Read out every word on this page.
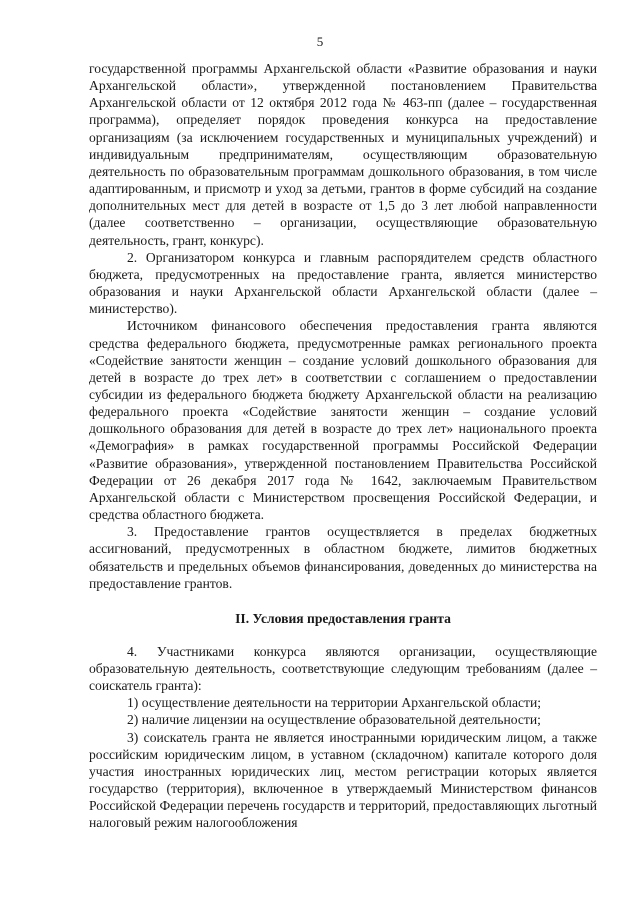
5

государственной программы Архангельской области «Развитие образования и науки Архангельской области», утвержденной постановлением Правительства Архангельской области от 12 октября 2012 года № 463-пп (далее – государственная программа), определяет порядок проведения конкурса на предоставление организациям (за исключением государственных и муниципальных учреждений) и индивидуальным предпринимателям, осуществляющим образовательную деятельность по образовательным программам дошкольного образования, в том числе адаптированным, и присмотр и уход за детьми, грантов в форме субсидий на создание дополнительных мест для детей в возрасте от 1,5 до 3 лет любой направленности (далее соответственно – организации, осуществляющие образовательную деятельность, грант, конкурс).

2. Организатором конкурса и главным распорядителем средств областного бюджета, предусмотренных на предоставление гранта, является министерство образования и науки Архангельской области Архангельской области (далее – министерство).

Источником финансового обеспечения предоставления гранта являются средства федерального бюджета, предусмотренные рамках регионального проекта «Содействие занятости женщин – создание условий дошкольного образования для детей в возрасте до трех лет» в соответствии с соглашением о предоставлении субсидии из федерального бюджета бюджету Архангельской области на реализацию федерального проекта «Содействие занятости женщин – создание условий дошкольного образования для детей в возрасте до трех лет» национального проекта «Демография» в рамках государственной программы Российской Федерации «Развитие образования», утвержденной постановлением Правительства Российской Федерации от 26 декабря 2017 года № 1642, заключаемым Правительством Архангельской области с Министерством просвещения Российской Федерации, и средства областного бюджета.

3. Предоставление грантов осуществляется в пределах бюджетных ассигнований, предусмотренных в областном бюджете, лимитов бюджетных обязательств и предельных объемов финансирования, доведенных до министерства на предоставление грантов.

II. Условия предоставления гранта

4. Участниками конкурса являются организации, осуществляющие образовательную деятельность, соответствующие следующим требованиям (далее – соискатель гранта):

1) осуществление деятельности на территории Архангельской области;

2) наличие лицензии на осуществление образовательной деятельности;

3) соискатель гранта не является иностранными юридическим лицом, а также российским юридическим лицом, в уставном (складочном) капитале которого доля участия иностранных юридических лиц, местом регистрации которых является государство (территория), включенное в утверждаемый Министерством финансов Российской Федерации перечень государств и территорий, предоставляющих льготный налоговый режим налогообложения
